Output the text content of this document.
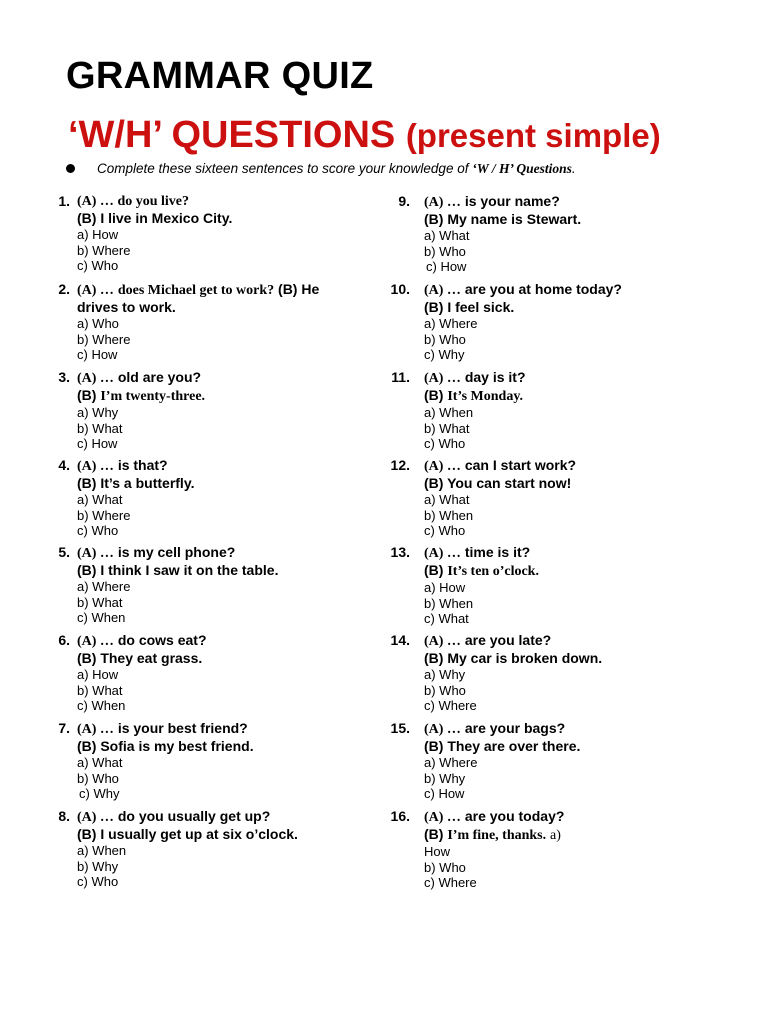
GRAMMAR QUIZ
‘W/H’ QUESTIONS (present simple)
Complete these sixteen sentences to score your knowledge of ‘W / H’ Questions.
1. (A) … do you live?
(B) I live in Mexico City.
a) How
b) Where
c) Who
2. (A) … does Michael get to work? (B) He drives to work.
a) Who
b) Where
c) How
3. (A) … old are you?
(B) I’m twenty-three.
a) Why
b) What
c) How
4. (A) … is that?
(B) It’s a butterfly.
a) What
b) Where
c) Who
5. (A) … is my cell phone?
(B) I think I saw it on the table.
a) Where
b) What
c) When
6. (A) … do cows eat?
(B) They eat grass.
a) How
b) What
c) When
7. (A) … is your best friend?
(B) Sofia is my best friend.
a) What
b) Who
c) Why
8. (A) … do you usually get up?
(B) I usually get up at six o’clock.
a) When
b) Why
c) Who
9. (A) … is your name?
(B) My name is Stewart.
a) What
b) Who
c) How
10. (A) … are you at home today?
(B) I feel sick.
a) Where
b) Who
c) Why
11. (A) … day is it?
(B) It’s Monday.
a) When
b) What
c) Who
12. (A) … can I start work?
(B) You can start now!
a) What
b) When
c) Who
13. (A) … time is it?
(B) It’s ten o’clock.
a) How
b) When
c) What
14. (A) … are you late?
(B) My car is broken down.
a) Why
b) Who
c) Where
15. (A) … are your bags?
(B) They are over there.
a) Where
b) Why
c) How
16. (A) … are you today?
(B) I’m fine, thanks. a)
How
b) Who
c) Where
